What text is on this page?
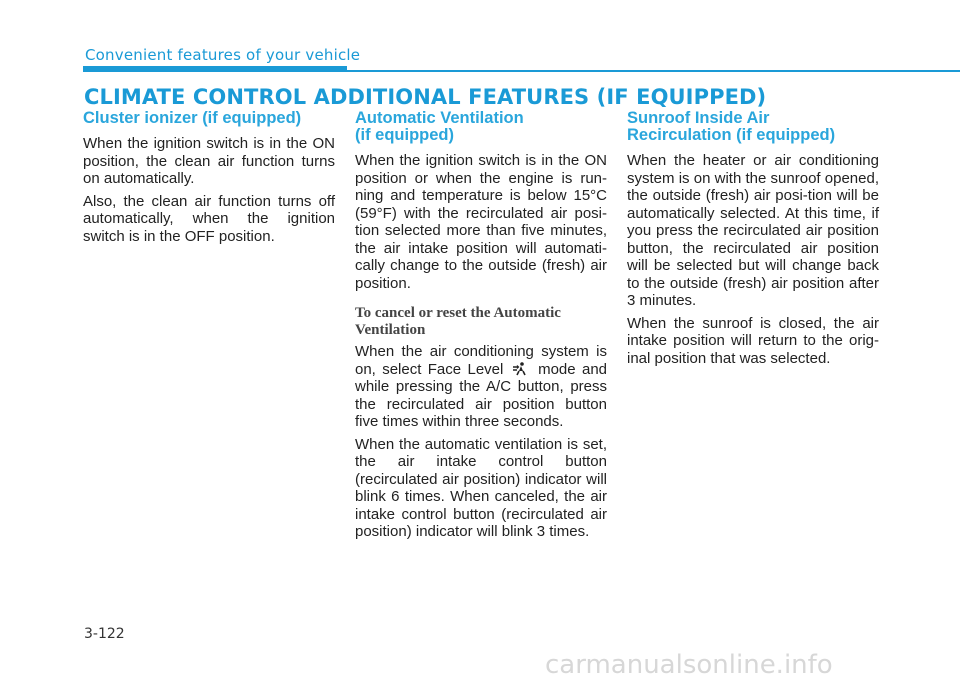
Convenient features of your vehicle
CLIMATE CONTROL ADDITIONAL FEATURES (IF EQUIPPED)
Cluster ionizer (if equipped)

When the ignition switch is in the ON position, the clean air function turns on automatically.

Also, the clean air function turns off automatically, when the ignition switch is in the OFF position.

Automatic Ventilation
(if equipped)

When the ignition switch is in the ON position or when the engine is run-ning and temperature is below 15°C (59°F) with the recirculated air posi-tion selected more than five minutes, the air intake position will automati-cally change to the outside (fresh) air position.

To cancel or reset the Automatic
Ventilation

When the air conditioning system is on, select Face Level mode and while pressing the A/C button, press the recirculated air position button five times within three seconds.

When the automatic ventilation is set, the air intake control button (recirculated air position) indicator will blink 6 times. When canceled, the air intake control button (recirculated air position) indicator will blink 3 times.

Sunroof Inside Air
Recirculation (if equipped)

When the heater or air conditioning system is on with the sunroof opened, the outside (fresh) air posi-tion will be automatically selected. At this time, if you press the recirculated air position button, the recirculated air position will be selected but will change back to the outside (fresh) air position after 3 minutes.

When the sunroof is closed, the air intake position will return to the orig-inal position that was selected.

3-122
carmanualsonline.info
